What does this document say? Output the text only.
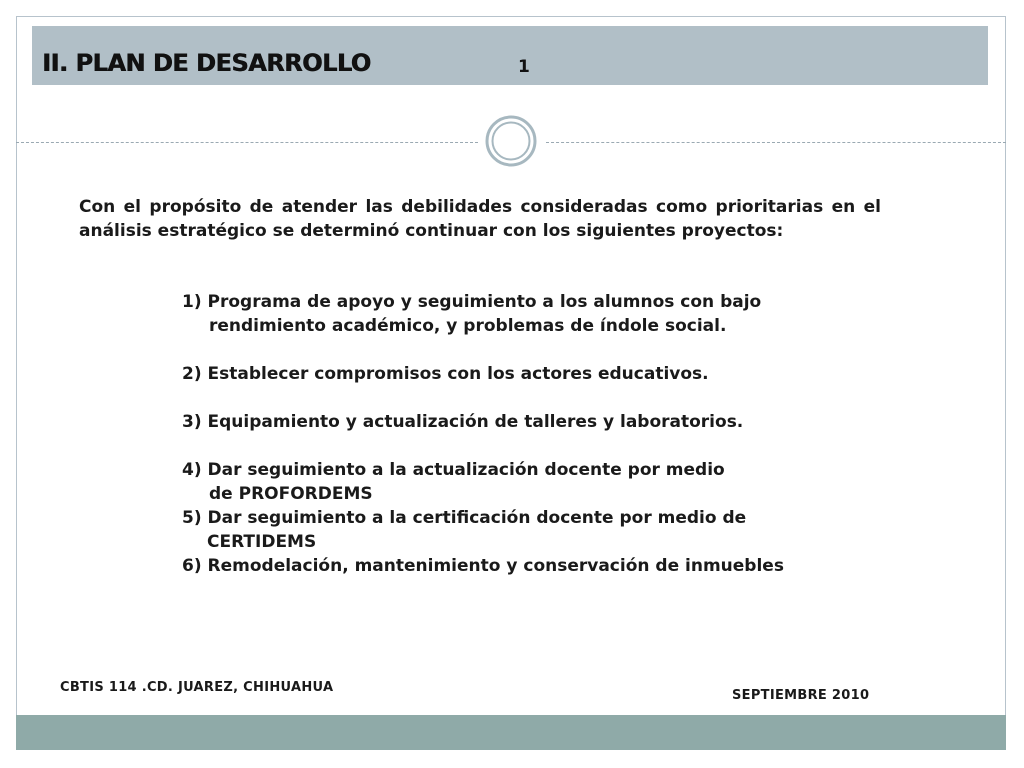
II. PLAN DE DESARROLLO	1

Con el propósito de atender las debilidades consideradas como prioritarias en el análisis estratégico se determinó continuar con los siguientes proyectos:

1) Programa de apoyo y seguimiento a los alumnos con bajo
rendimiento académico, y problemas de índole social.
2) Establecer compromisos con los actores educativos.
3) Equipamiento y actualización de talleres y laboratorios.
4) Dar seguimiento a la actualización docente por medio
de PROFORDEMS
5) Dar seguimiento a la certificación docente por medio de
CERTIDEMS
6) Remodelación, mantenimiento y conservación de inmuebles
CBTIS 114 .CD. JUAREZ, CHIHUAHUA
SEPTIEMBRE 2010
